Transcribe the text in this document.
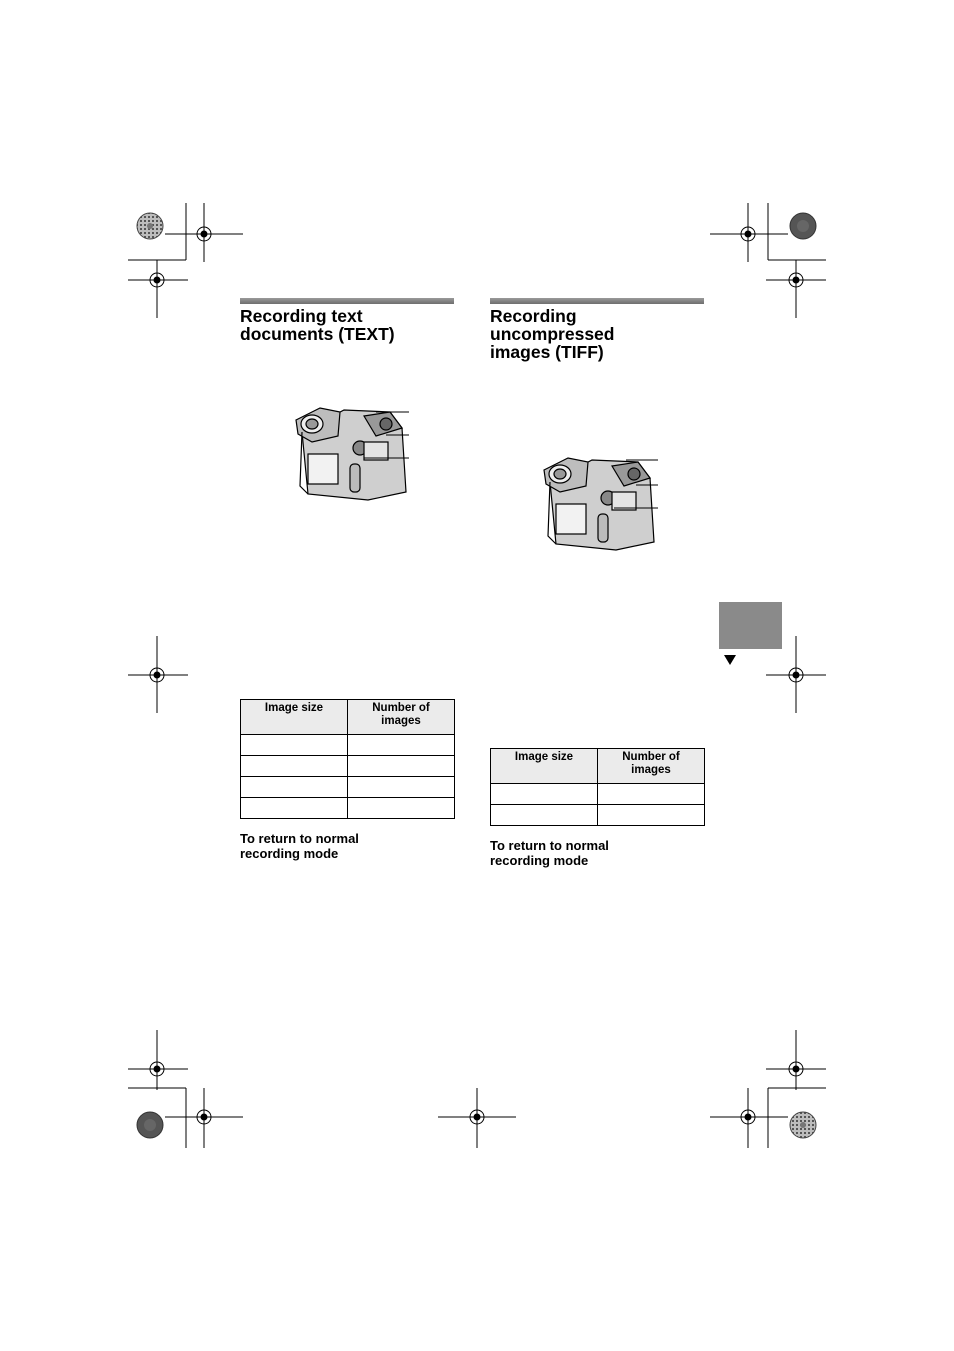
Recording text
documents (TEXT)
Image size	Number of
images

To return to normal
recording mode
Recording
uncompressed
images (TIFF)
Image size	Number of
images

To return to normal
recording mode
